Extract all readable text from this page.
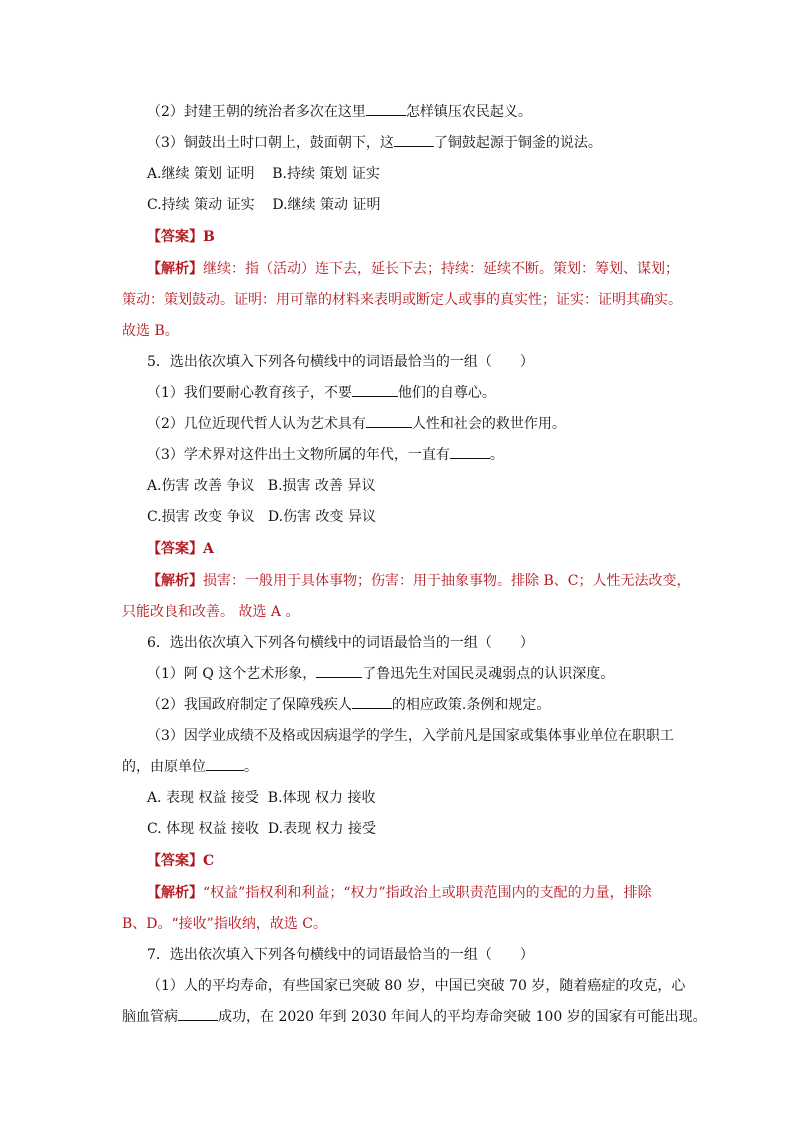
（2）封建王朝的统治者多次在这里	怎样镇压农民起义。
（3）铜鼓出土时口朝上，鼓面朝下，这	了铜鼓起源于铜釜的说法。
A.继续 策划 证明    B.持续 策划 证实
C.持续 策动 证实    D.继续 策动 证明
【答案】B
【解析】继续：指（活动）连下去，延长下去；持续：延续不断。策划：筹划、谋划；
策动：策划鼓动。证明：用可靠的材料来表明或断定人或事的真实性；证实：证明其确实。
故选 B。
5．选出依次填入下列各句横线中的词语最恰当的一组（　　）
（1）我们要耐心教育孩子，不要	他们的自尊心。
（2）几位近现代哲人认为艺术具有	人性和社会的救世作用。
（3）学术界对这件出土文物所属的年代，一直有	。
A.伤害 改善 争议   B.损害 改善 异议
C.损害 改变 争议   D.伤害 改变 异议
【答案】A
【解析】损害：一般用于具体事物；伤害：用于抽象事物。排除 B、C；人性无法改变，
只能改良和改善。 故选 A 。
6．选出依次填入下列各句横线中的词语最恰当的一组（　　）
（1）阿 Q 这个艺术形象，	了鲁迅先生对国民灵魂弱点的认识深度。
（2）我国政府制定了保障残疾人	的相应政策.条例和规定。
（3）因学业成绩不及格或因病退学的学生，入学前凡是国家或集体事业单位在职职工
的，由原单位	。
A. 表现 权益 接受  B.体现 权力 接收
C. 体现 权益 接收  D.表现 权力 接受
【答案】C
【解析】“权益”指权利和利益；“权力”指政治上或职责范围内的支配的力量，排除
B、D。“接收”指收纳，故选 C。
7．选出依次填入下列各句横线中的词语最恰当的一组（　　）
（1）人的平均寿命，有些国家已突破 80 岁，中国已突破 70 岁，随着癌症的攻克，心
脑血管病	成功，在 2020 年到 2030 年间人的平均寿命突破 100 岁的国家有可能出现。
